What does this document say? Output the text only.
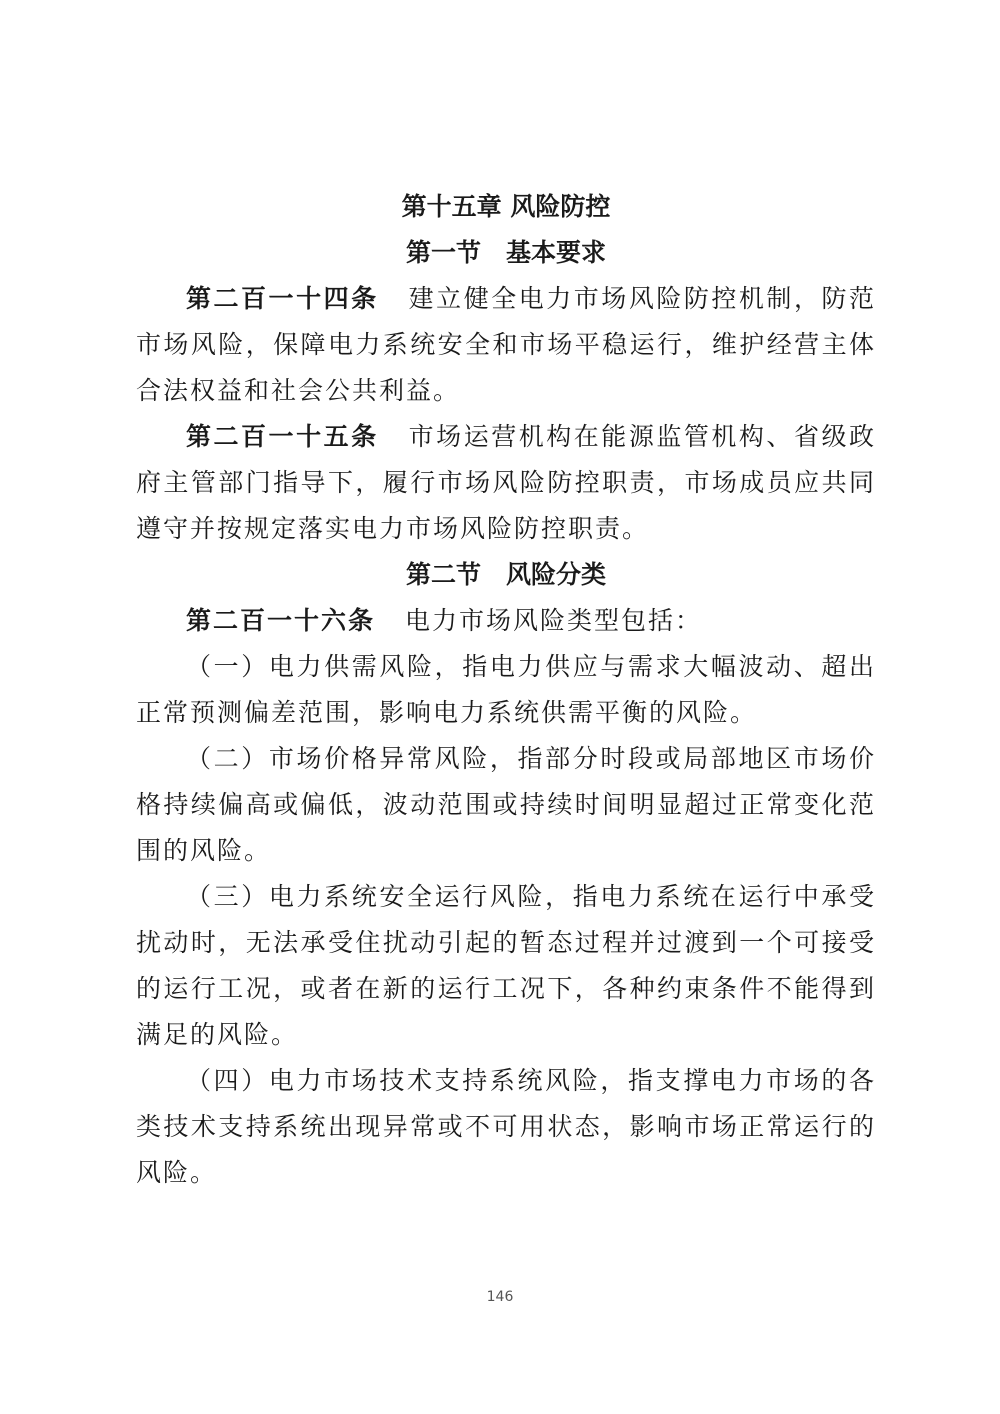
第十五章 风险防控
第一节　基本要求

第二百一十四条 建立健全电力市场风险防控机制，防范市场风险，保障电力系统安全和市场平稳运行，维护经营主体合法权益和社会公共利益。

第二百一十五条 市场运营机构在能源监管机构、省级政府主管部门指导下，履行市场风险防控职责，市场成员应共同遵守并按规定落实电力市场风险防控职责。

第二节　风险分类

第二百一十六条 电力市场风险类型包括：

（一）电力供需风险，指电力供应与需求大幅波动、超出正常预测偏差范围，影响电力系统供需平衡的风险。

（二）市场价格异常风险，指部分时段或局部地区市场价格持续偏高或偏低，波动范围或持续时间明显超过正常变化范围的风险。

（三）电力系统安全运行风险，指电力系统在运行中承受扰动时，无法承受住扰动引起的暂态过程并过渡到一个可接受的运行工况，或者在新的运行工况下，各种约束条件不能得到满足的风险。

（四）电力市场技术支持系统风险，指支撑电力市场的各类技术支持系统出现异常或不可用状态，影响市场正常运行的风险。

146
